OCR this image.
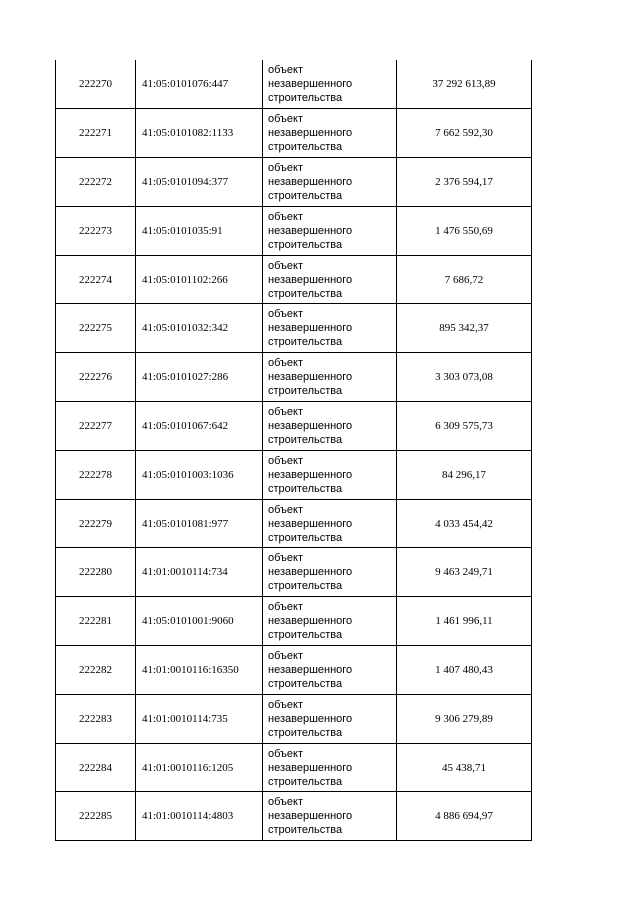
222270	41:05:0101076:447	объект
незавершенного
строительства	37 292 613,89
222271	41:05:0101082:1133	объект
незавершенного
строительства	7 662 592,30
222272	41:05:0101094:377	объект
незавершенного
строительства	2 376 594,17
222273	41:05:0101035:91	объект
незавершенного
строительства	1 476 550,69
222274	41:05:0101102:266	объект
незавершенного
строительства	7 686,72
222275	41:05:0101032:342	объект
незавершенного
строительства	895 342,37
222276	41:05:0101027:286	объект
незавершенного
строительства	3 303 073,08
222277	41:05:0101067:642	объект
незавершенного
строительства	6 309 575,73
222278	41:05:0101003:1036	объект
незавершенного
строительства	84 296,17
222279	41:05:0101081:977	объект
незавершенного
строительства	4 033 454,42
222280	41:01:0010114:734	объект
незавершенного
строительства	9 463 249,71
222281	41:05:0101001:9060	объект
незавершенного
строительства	1 461 996,11
222282	41:01:0010116:16350	объект
незавершенного
строительства	1 407 480,43
222283	41:01:0010114:735	объект
незавершенного
строительства	9 306 279,89
222284	41:01:0010116:1205	объект
незавершенного
строительства	45 438,71
222285	41:01:0010114:4803	объект
незавершенного
строительства	4 886 694,97
